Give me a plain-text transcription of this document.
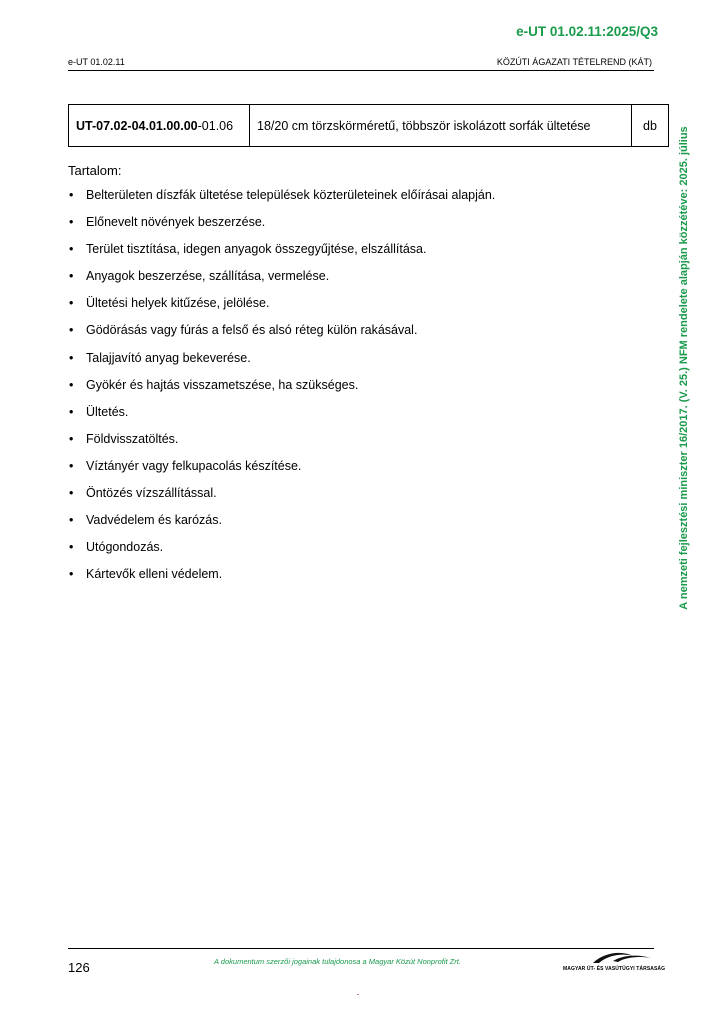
e-UT 01.02.11:2025/Q3
e-UT 01.02.11	KÖZÚTI ÁGAZATI TÉTELREND (KÁT)
UT-07.02-04.01.00.00-01.06	18/20 cm törzskörméretű, többször iskolázott sorfák ültetése	db
Tartalom:
• Belterületen díszfák ültetése települések közterületeinek előírásai alapján.
• Előnevelt növények beszerzése.
• Terület tisztítása, idegen anyagok összegyűjtése, elszállítása.
• Anyagok beszerzése, szállítása, vermelése.
• Ültetési helyek kitűzése, jelölése.
• Gödörásás vagy fúrás a felső és alsó réteg külön rakásával.
• Talajjavító anyag bekeverése.
• Gyökér és hajtás visszametszése, ha szükséges.
• Ültetés.
• Földvisszatöltés.
• Víztányér vagy felkupacolás készítése.
• Öntözés vízszállítással.
• Vadvédelem és karózás.
• Utógondozás.
• Kártevők elleni védelem.	A nemzeti fejlesztési miniszter 16/2017. (V. 25.) NFM rendelete alapján közzétéve: 2025. július
126	A dokumentum szerzői jogainak tulajdonosa a Magyar Közút Nonprofit Zrt.
MAGYAR ÚT- ÉS VASÚTÜGYI TÁRSASÁG
